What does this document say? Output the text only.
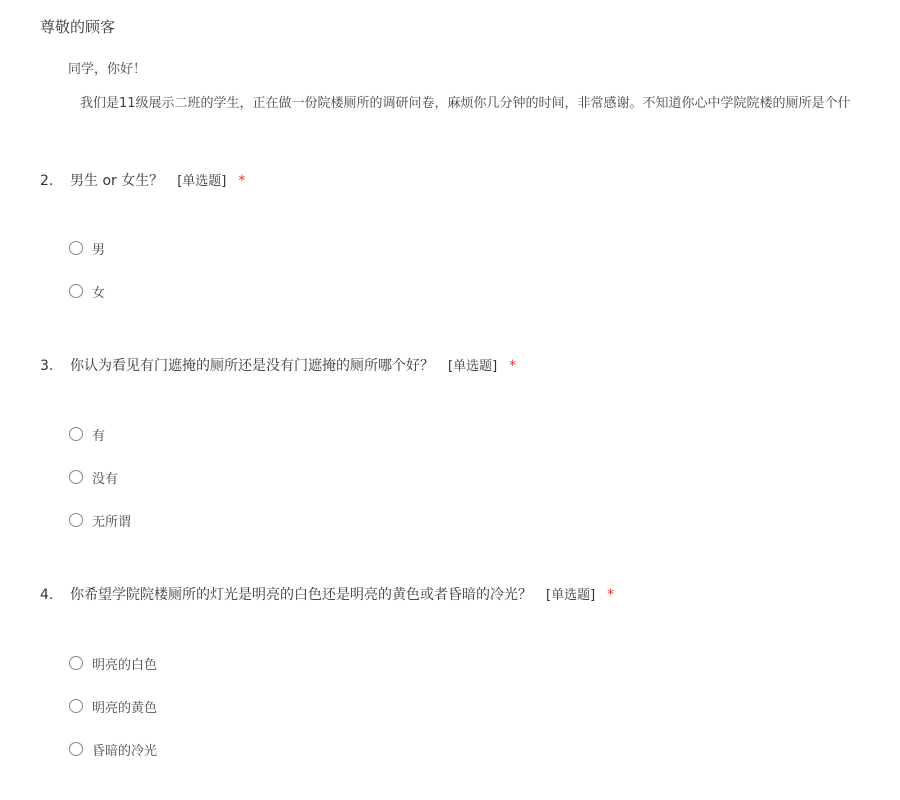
尊敬的顾客
同学，你好！
我们是11级展示二班的学生，正在做一份院楼厕所的调研问卷，麻烦你几分钟的时间，非常感谢。不知道你心中学院院楼的厕所是个什
2. 男生 or 女生？ [单选题] *
男
女
3. 你认为看见有门遮掩的厕所还是没有门遮掩的厕所哪个好？ [单选题] *
有
没有
无所谓
4. 你希望学院院楼厕所的灯光是明亮的白色还是明亮的黄色或者昏暗的冷光？ [单选题] *
明亮的白色
明亮的黄色
昏暗的冷光
